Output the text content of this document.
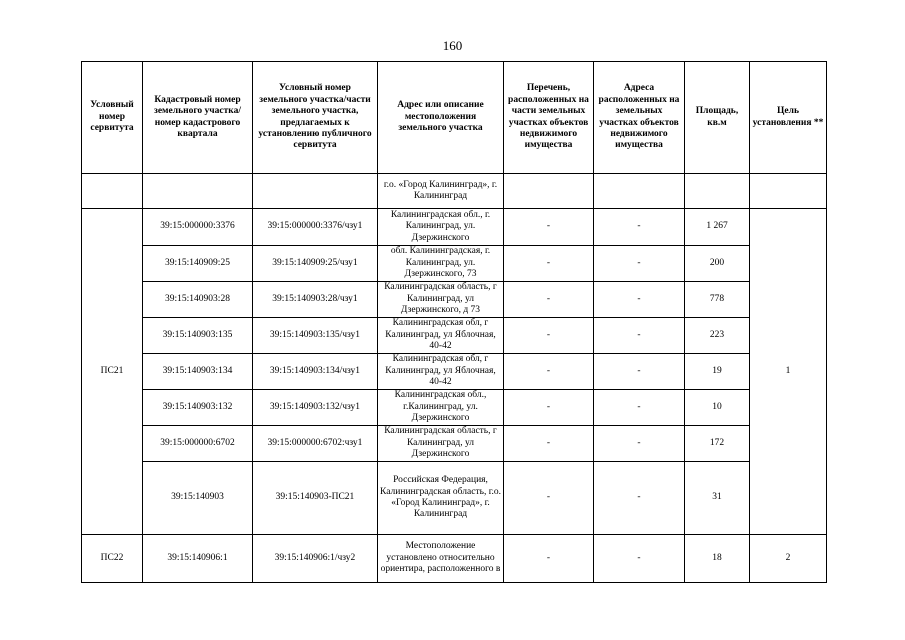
160
Условный номер сервитута	Кадастровый номер земельного участка/номер кадастрового квартала	Условный номер земельного участка/части земельного участка, предлагаемых к установлению публичного сервитута	Адрес или описание местоположения земельного участка	Перечень, расположенных на части земельных участках объектов недвижимого имущества	Адреса расположенных на земельных участках объектов недвижимого имущества	Площадь, кв.м	Цель установления **
			г.о. «Город Калининград», г. Калининград				
ПС21	39:15:000000:3376	39:15:000000:3376/чзу1	Калининградская обл., г. Калининград, ул. Дзержинского	-	-	1 267	1
	39:15:140909:25	39:15:140909:25/чзу1	обл. Калининградская, г. Калининград, ул. Дзержинского, 73	-	-	200	
	39:15:140903:28	39:15:140903:28/чзу1	Калининградская область, г Калининград, ул Дзержинского, д 73	-	-	778	
	39:15:140903:135	39:15:140903:135/чзу1	Калининградская обл, г Калининград, ул Яблочная, 40-42	-	-	223	
	39:15:140903:134	39:15:140903:134/чзу1	Калининградская обл, г Калининград, ул Яблочная, 40-42	-	-	19	
	39:15:140903:132	39:15:140903:132/чзу1	Калининградская обл., г.Калининград, ул. Дзержинского	-	-	10	
	39:15:000000:6702	39:15:000000:6702:чзу1	Калининградская область, г Калининград, ул Дзержинского	-	-	172	
	39:15:140903	39:15:140903-ПС21	Российская Федерация, Калининградская область, г.о. «Город Калининград», г. Калининград	-	-	31	
ПС22	39:15:140906:1	39:15:140906:1/чзу2	Местоположение установлено относительно ориентира, расположенного в	-	-	18	2
